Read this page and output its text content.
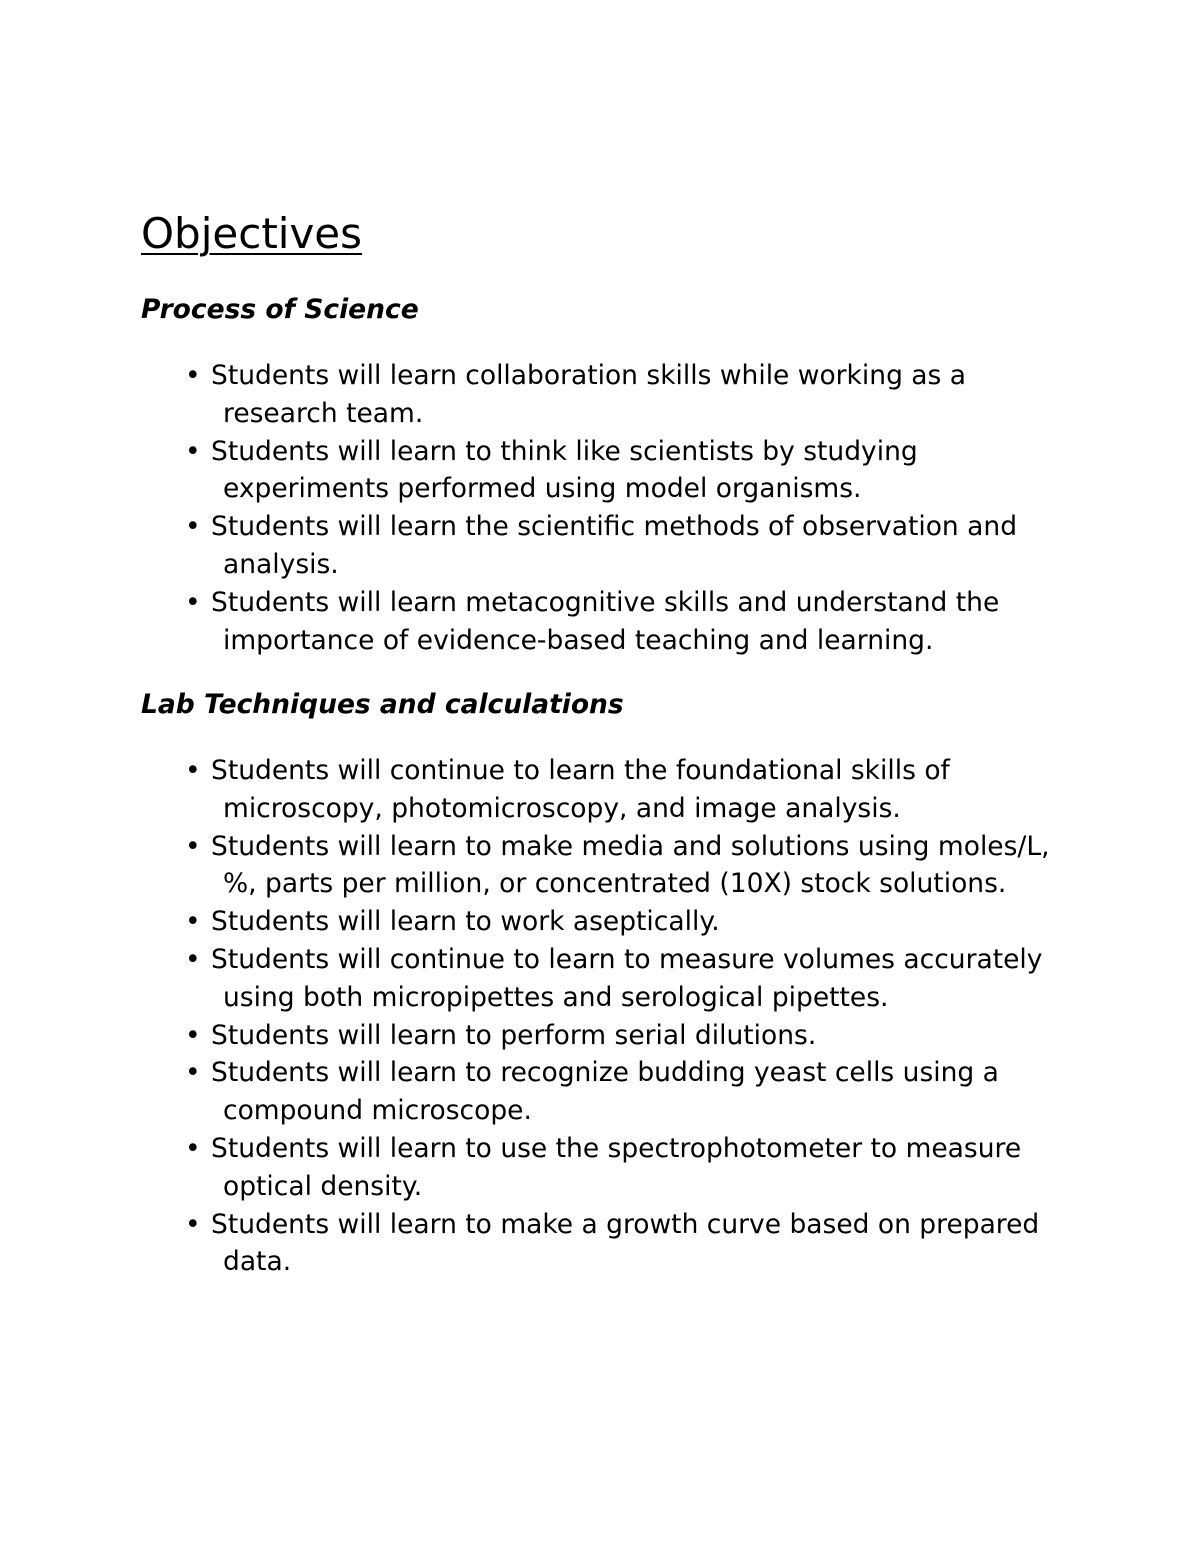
Objectives
Process of Science
• Students will learn collaboration skills while working as a research team.
• Students will learn to think like scientists by studying experiments performed using model organisms.
• Students will learn the scientific methods of observation and analysis.
• Students will learn metacognitive skills and understand the importance of evidence-based teaching and learning.
Lab Techniques and calculations
• Students will continue to learn the foundational skills of microscopy, photomicroscopy, and image analysis.
• Students will learn to make media and solutions using moles/L, %, parts per million, or concentrated (10X) stock solutions.
• Students will learn to work aseptically.
• Students will continue to learn to measure volumes accurately using both micropipettes and serological pipettes.
• Students will learn to perform serial dilutions.
• Students will learn to recognize budding yeast cells using a compound microscope.
• Students will learn to use the spectrophotometer to measure optical density.
• Students will learn to make a growth curve based on prepared data.
